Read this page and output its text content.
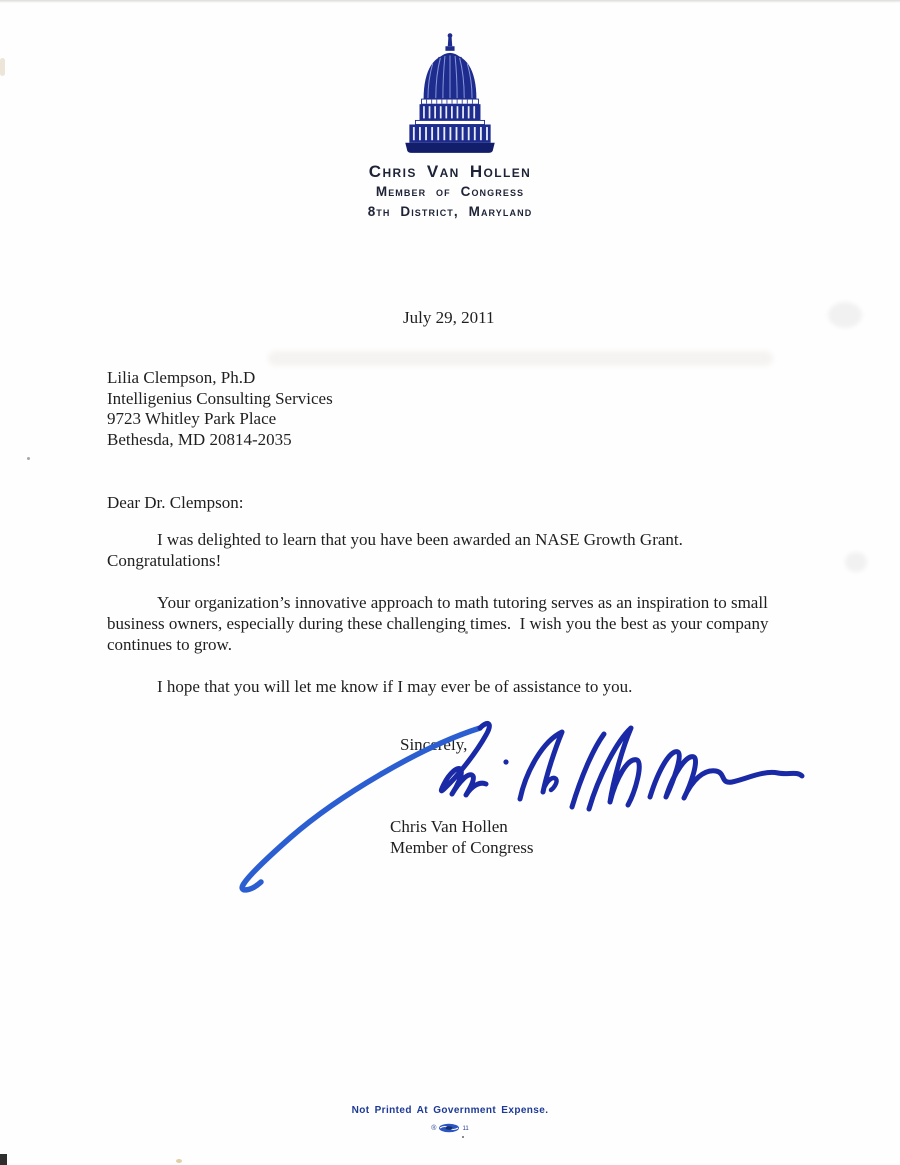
Chris Van Hollen
Member of Congress
8th District, Maryland
July 29, 2011
Lilia Clempson, Ph.D
Intelligenius Consulting Services
9723 Whitley Park Place
Bethesda, MD 20814-2035
Dear Dr. Clempson:

I was delighted to learn that you have been awarded an NASE Growth Grant.  Congratulations!

Your organization’s innovative approach to math tutoring serves as an inspiration to small business owners, especially during these challenging times.  I wish you the best as your company continues to grow.

I hope that you will let me know if I may ever be of assistance to you.

Sincerely,
Chris Van Hollen
Member of Congress
Not Printed At Government Expense.
®	11
